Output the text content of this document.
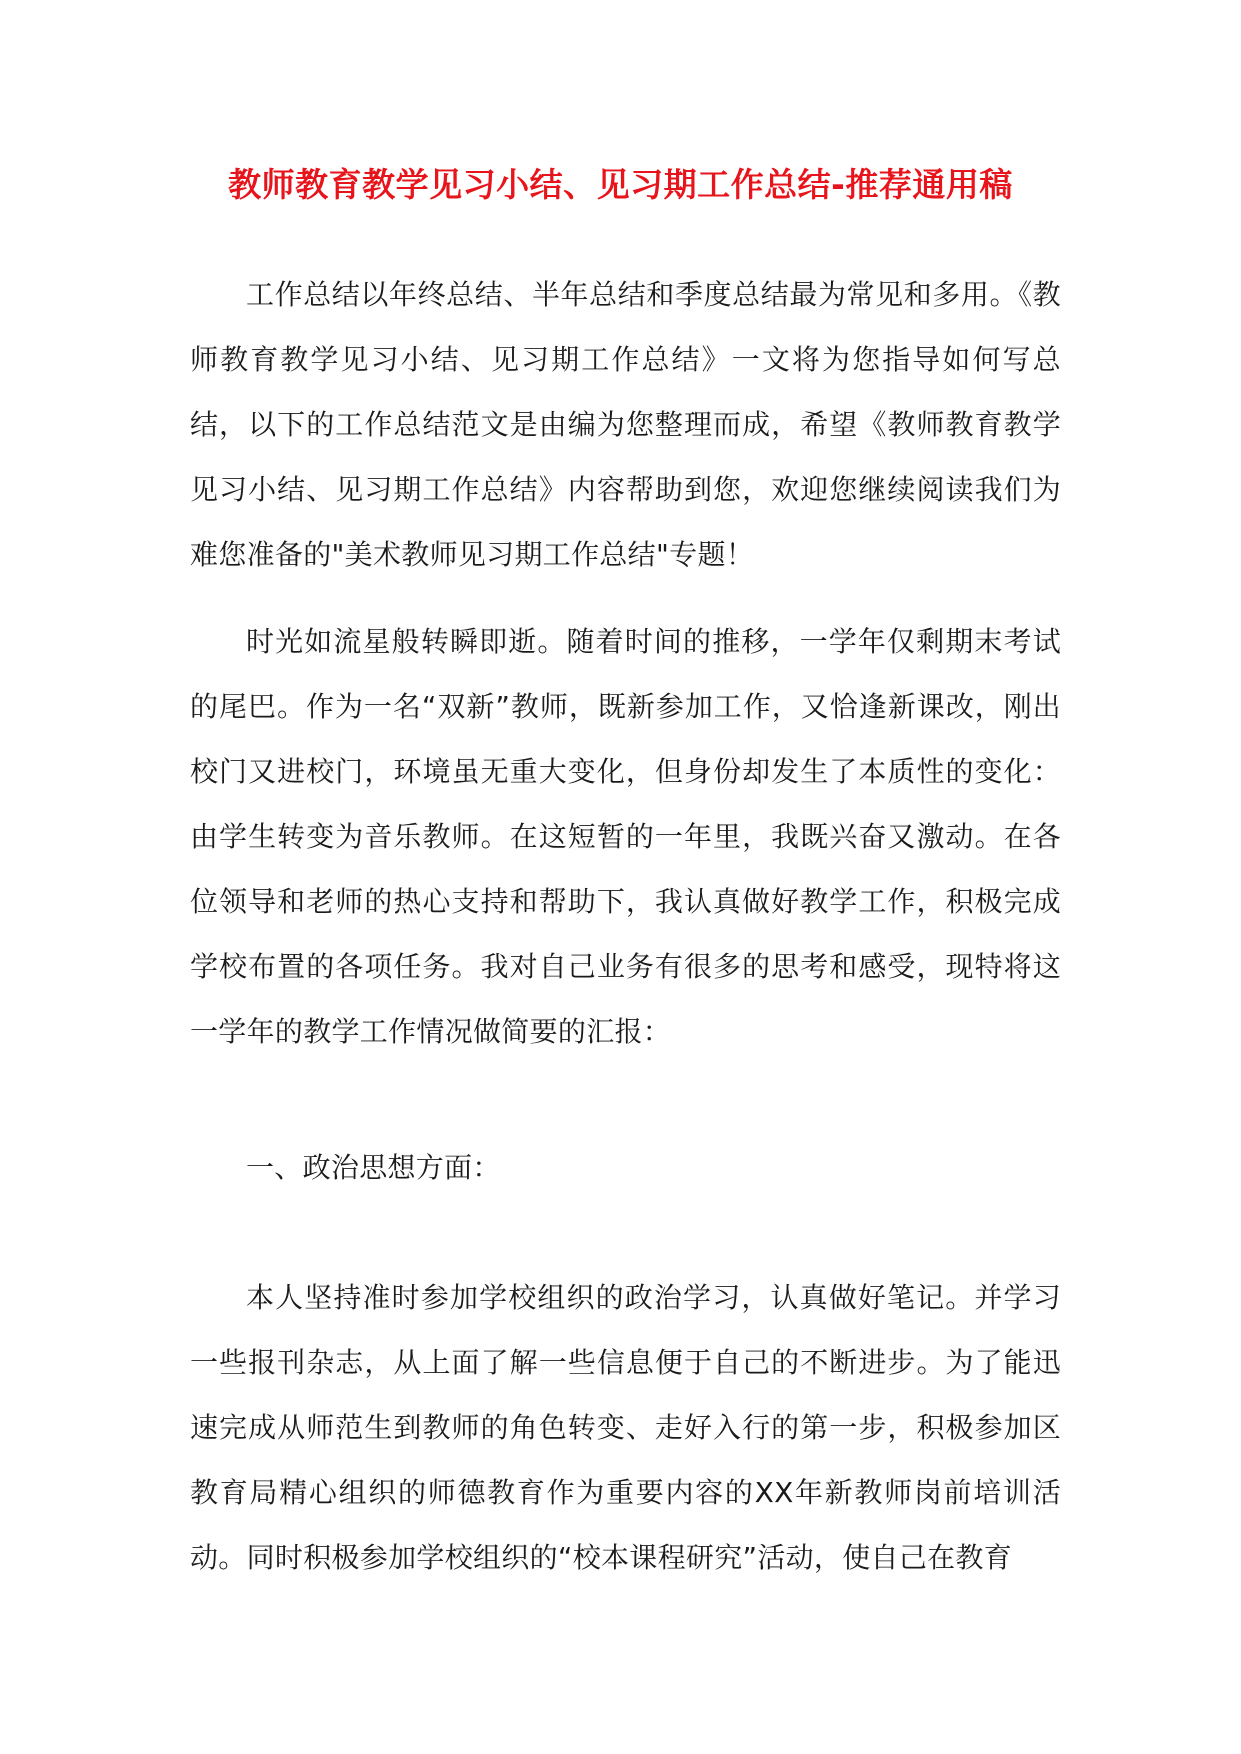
教师教育教学见习小结、见习期工作总结-推荐通用稿
工作总结以年终总结、半年总结和季度总结最为常见和多用。《教师教育教学见习小结、见习期工作总结》一文将为您指导如何写总结，以下的工作总结范文是由编为您整理而成，希望《教师教育教学见习小结、见习期工作总结》内容帮助到您，欢迎您继续阅读我们为难您准备的"美术教师见习期工作总结"专题！
时光如流星般转瞬即逝。随着时间的推移，一学年仅剩期末考试的尾巴。作为一名“双新”教师，既新参加工作，又恰逢新课改，刚出校门又进校门，环境虽无重大变化，但身份却发生了本质性的变化：由学生转变为音乐教师。在这短暂的一年里，我既兴奋又激动。在各位领导和老师的热心支持和帮助下，我认真做好教学工作，积极完成学校布置的各项任务。我对自己业务有很多的思考和感受，现特将这一学年的教学工作情况做简要的汇报：
一、政治思想方面：
本人坚持准时参加学校组织的政治学习，认真做好笔记。并学习一些报刊杂志，从上面了解一些信息便于自己的不断进步。为了能迅速完成从师范生到教师的角色转变、走好入行的第一步，积极参加区教育局精心组织的师德教育作为重要内容的XX年新教师岗前培训活动。同时积极参加学校组织的“校本课程研究”活动，使自己在教育
